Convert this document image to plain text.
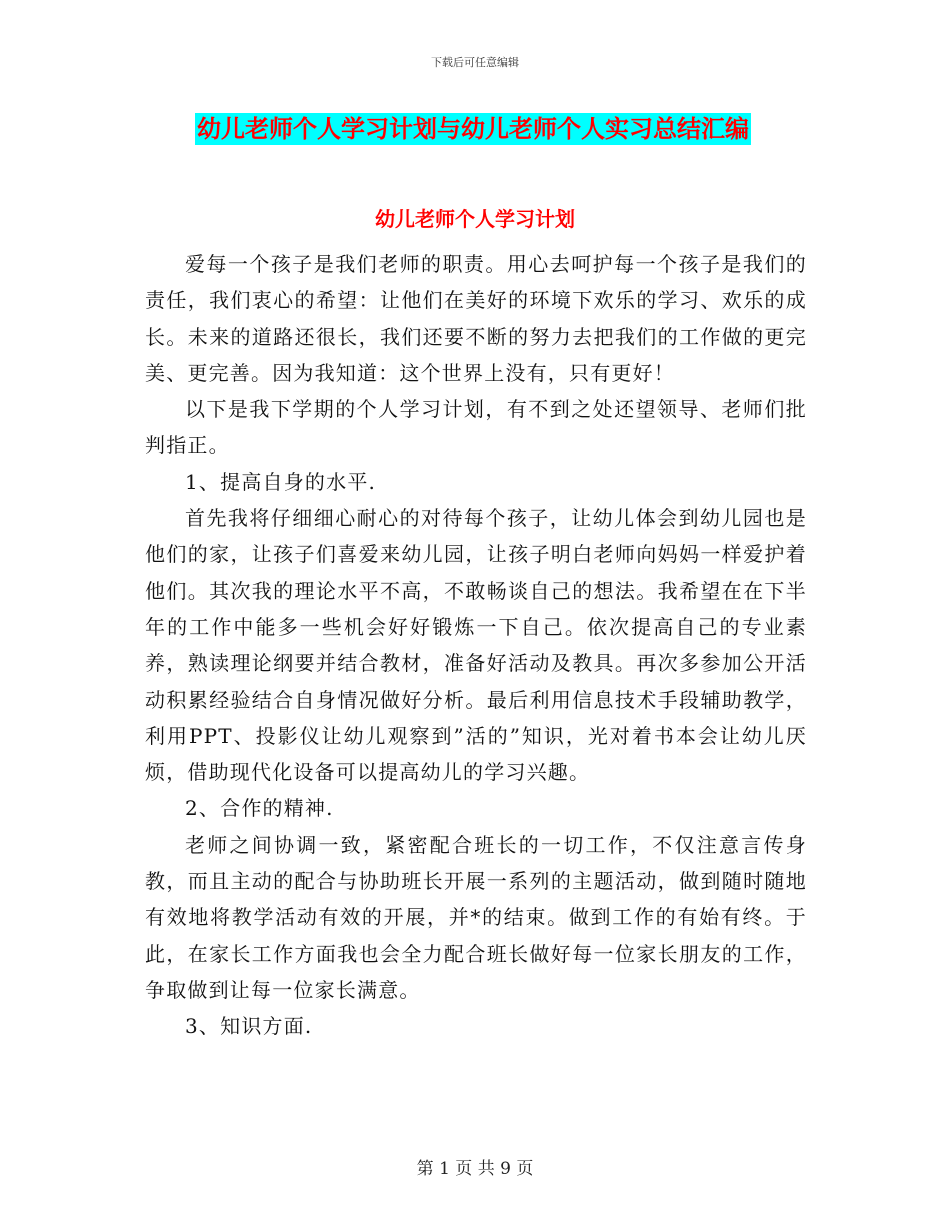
下载后可任意编辑
幼儿老师个人学习计划与幼儿老师个人实习总结汇编
幼儿老师个人学习计划

爱每一个孩子是我们老师的职责。用心去呵护每一个孩子是我们的责任，我们衷心的希望：让他们在美好的环境下欢乐的学习、欢乐的成长。未来的道路还很长，我们还要不断的努力去把我们的工作做的更完美、更完善。因为我知道：这个世界上没有，只有更好！

以下是我下学期的个人学习计划，有不到之处还望领导、老师们批判指正。

1、提高自身的水平.

首先我将仔细细心耐心的对待每个孩子，让幼儿体会到幼儿园也是他们的家，让孩子们喜爱来幼儿园，让孩子明白老师向妈妈一样爱护着他们。其次我的理论水平不高，不敢畅谈自己的想法。我希望在在下半年的工作中能多一些机会好好锻炼一下自己。依次提高自己的专业素养，熟读理论纲要并结合教材，准备好活动及教具。再次多参加公开活动积累经验结合自身情况做好分析。最后利用信息技术手段辅助教学，利用PPT、投影仪让幼儿观察到”活的”知识，光对着书本会让幼儿厌烦，借助现代化设备可以提高幼儿的学习兴趣。

2、合作的精神.

老师之间协调一致，紧密配合班长的一切工作，不仅注意言传身教，而且主动的配合与协助班长开展一系列的主题活动，做到随时随地有效地将教学活动有效的开展，并*的结束。做到工作的有始有终。于此，在家长工作方面我也会全力配合班长做好每一位家长朋友的工作，争取做到让每一位家长满意。

3、知识方面.

第 1 页 共 9 页
